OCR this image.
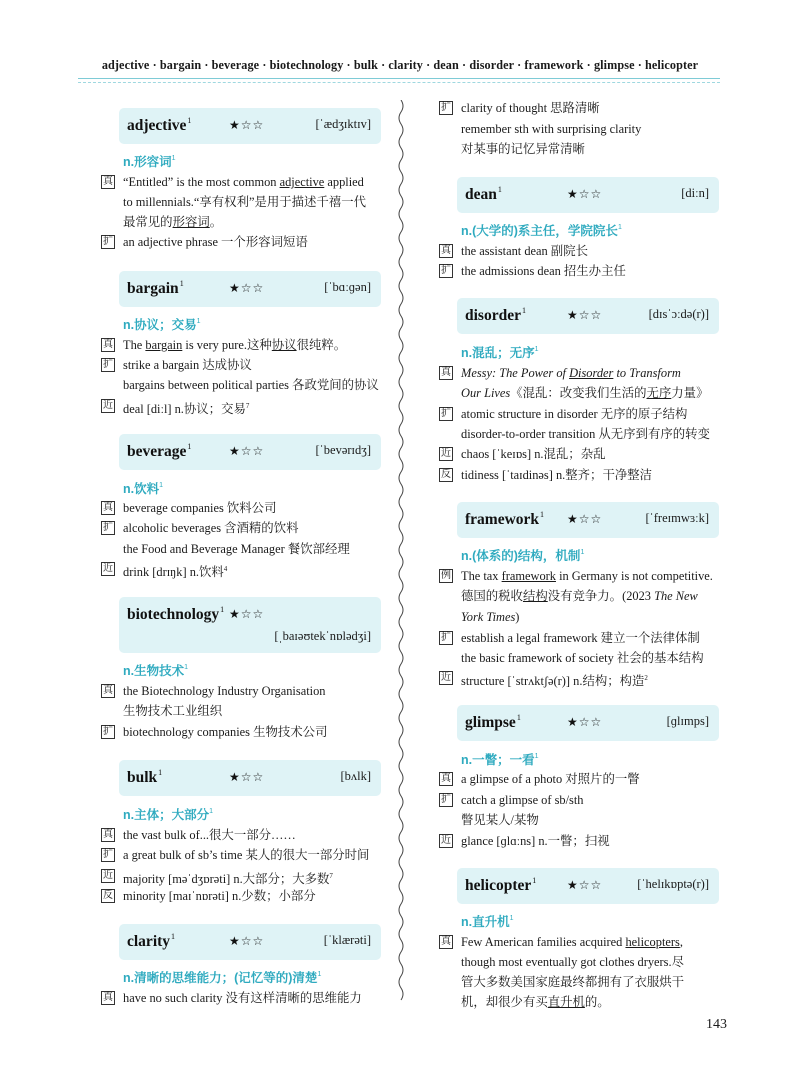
adjective · bargain · beverage · biotechnology · bulk · clarity · dean · disorder · framework · glimpse · helicopter
adjective$^1$	★☆☆	[ˈædʒɪktɪv]
n.形容词$^1$
真 “Entitled” is the most common adjective applied
to millennials.“享有权利”是用于描述千禧一代
最常见的形容词。
扩 an adjective phrase 一个形容词短语
bargain$^1$	★☆☆	[ˈbɑːɡən]
n.协议；交易$^1$
真 The bargain is very pure.这种协议很纯粹。
扩 strike a bargain 达成协议
bargains between political parties 各政党间的协议
近 deal [diːl] n.协议；交易$^7$
beverage$^1$	★☆☆	[ˈbevərɪdʒ]
n.饮料$^1$
真 beverage companies 饮料公司
扩 alcoholic beverages 含酒精的饮料
the Food and Beverage Manager 餐饮部经理
近 drink [drɪŋk] n.饮料$^4$
biotechnology$^1$ ★☆☆
[ˌbaɪəʊtekˈnɒlədʒi]
n.生物技术$^1$
真 the Biotechnology Industry Organisation
生物技术工业组织
扩 biotechnology companies 生物技术公司
bulk$^1$	★☆☆	[bʌlk]
n.主体；大部分$^1$
真 the vast bulk of...很大一部分……
扩 a great bulk of sb’s time 某人的很大一部分时间
近 majority [məˈdʒɒrəti] n.大部分；大多数$^7$
反 minority [maɪˈnɒrəti] n.少数；小部分
clarity$^1$	★☆☆	[ˈklærəti]
n.清晰的思维能力；(记忆等的)清楚$^1$
真 have no such clarity 没有这样清晰的思维能力
扩 clarity of thought 思路清晰
remember sth with surprising clarity
对某事的记忆异常清晰
dean$^1$	★☆☆	[diːn]
n.(大学的)系主任，学院院长$^1$
真 the assistant dean 副院长
扩 the admissions dean 招生办主任
disorder$^1$	★☆☆	[dɪsˈɔːdə(r)]
n.混乱；无序$^1$
真 Messy: The Power of Disorder to Transform
Our Lives《混乱：改变我们生活的无序力量》
扩 atomic structure in disorder 无序的原子结构
disorder-to-order transition 从无序到有序的转变
近 chaos [ˈkeɪɒs] n.混乱；杂乱
反 tidiness [ˈtaɪdinəs] n.整齐；干净整洁
framework$^1$ ★☆☆	[ˈfreɪmwɜːk]
n.(体系的)结构，机制$^1$
例 The tax framework in Germany is not competitive.
德国的税收结构没有竞争力。(2023 The New
York Times)
扩 establish a legal framework 建立一个法律体制
the basic framework of society 社会的基本结构
近 structure [ˈstrʌktʃə(r)] n.结构；构造$^2$
glimpse$^1$	★☆☆	[ɡlɪmps]
n.一瞥；一看$^1$
真 a glimpse of a photo 对照片的一瞥
扩 catch a glimpse of sb/sth
瞥见某人/某物
近 glance [ɡlɑːns] n.一瞥；扫视
helicopter$^1$	★☆☆	[ˈhelɪkɒptə(r)]
n.直升机$^1$
真 Few American families acquired helicopters,
though most eventually got clothes dryers.尽
管大多数美国家庭最终都拥有了衣服烘干
机，却很少有买直升机的。
143
